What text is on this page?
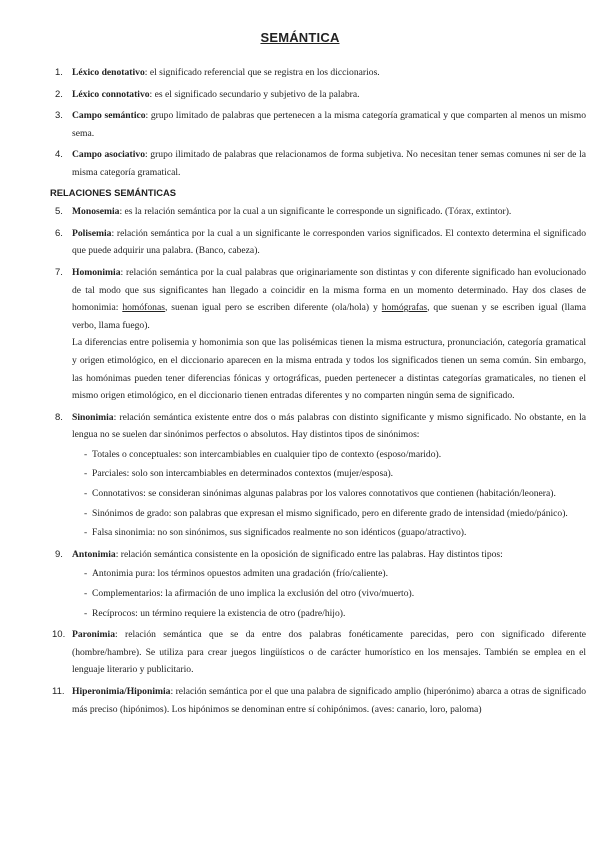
SEMÁNTICA
1. Léxico denotativo: el significado referencial que se registra en los diccionarios.
2. Léxico connotativo: es el significado secundario y subjetivo de la palabra.
3. Campo semántico: grupo limitado de palabras que pertenecen a la misma categoría gramatical y que comparten al menos un mismo sema.
4. Campo asociativo: grupo ilimitado de palabras que relacionamos de forma subjetiva. No necesitan tener semas comunes ni ser de la misma categoría gramatical.
RELACIONES SEMÁNTICAS
5. Monosemia: es la relación semántica por la cual a un significante le corresponde un significado. (Tórax, extintor).
6. Polisemia: relación semántica por la cual a un significante le corresponden varios significados. El contexto determina el significado que puede adquirir una palabra. (Banco, cabeza).
7. Homonimia: relación semántica por la cual palabras que originariamente son distintas y con diferente significado han evolucionado de tal modo que sus significantes han llegado a coincidir en la misma forma en un momento determinado. Hay dos clases de homonimia: homófonas, suenan igual pero se escriben diferente (ola/hola) y homógrafas, que suenan y se escriben igual (llama verbo, llama fuego).

La diferencias entre polisemia y homonimia son que las polisémicas tienen la misma estructura, pronunciación, categoría gramatical y origen etimológico, en el diccionario aparecen en la misma entrada y todos los significados tienen un sema común. Sin embargo, las homónimas pueden tener diferencias fónicas y ortográficas, pueden pertenecer a distintas categorías gramaticales, no tienen el mismo origen etimológico, en el diccionario tienen entradas diferentes y no comparten ningún sema de significado.

8. Sinonimia: relación semántica existente entre dos o más palabras con distinto significante y mismo significado. No obstante, en la lengua no se suelen dar sinónimos perfectos o absolutos. Hay distintos tipos de sinónimos:
- Totales o conceptuales: son intercambiables en cualquier tipo de contexto (esposo/marido).
- Parciales: solo son intercambiables en determinados contextos (mujer/esposa).
- Connotativos: se consideran sinónimas algunas palabras por los valores connotativos que contienen (habitación/leonera).
- Sinónimos de grado: son palabras que expresan el mismo significado, pero en diferente grado de intensidad (miedo/pánico).
- Falsa sinonimia: no son sinónimos, sus significados realmente no son idénticos (guapo/atractivo).
9. Antonimia: relación semántica consistente en la oposición de significado entre las palabras. Hay distintos tipos:
- Antonimia pura: los términos opuestos admiten una gradación (frío/caliente).
- Complementarios: la afirmación de uno implica la exclusión del otro (vivo/muerto).
- Recíprocos: un término requiere la existencia de otro (padre/hijo).
10. Paronimia: relación semántica que se da entre dos palabras fonéticamente parecidas, pero con significado diferente (hombre/hambre). Se utiliza para crear juegos lingüísticos o de carácter humorístico en los mensajes. También se emplea en el lenguaje literario y publicitario.
11. Hiperonimia/Hiponimia: relación semántica por el que una palabra de significado amplio (hiperónimo) abarca a otras de significado más preciso (hipónimos). Los hipónimos se denominan entre sí cohipónimos. (aves: canario, loro, paloma)
